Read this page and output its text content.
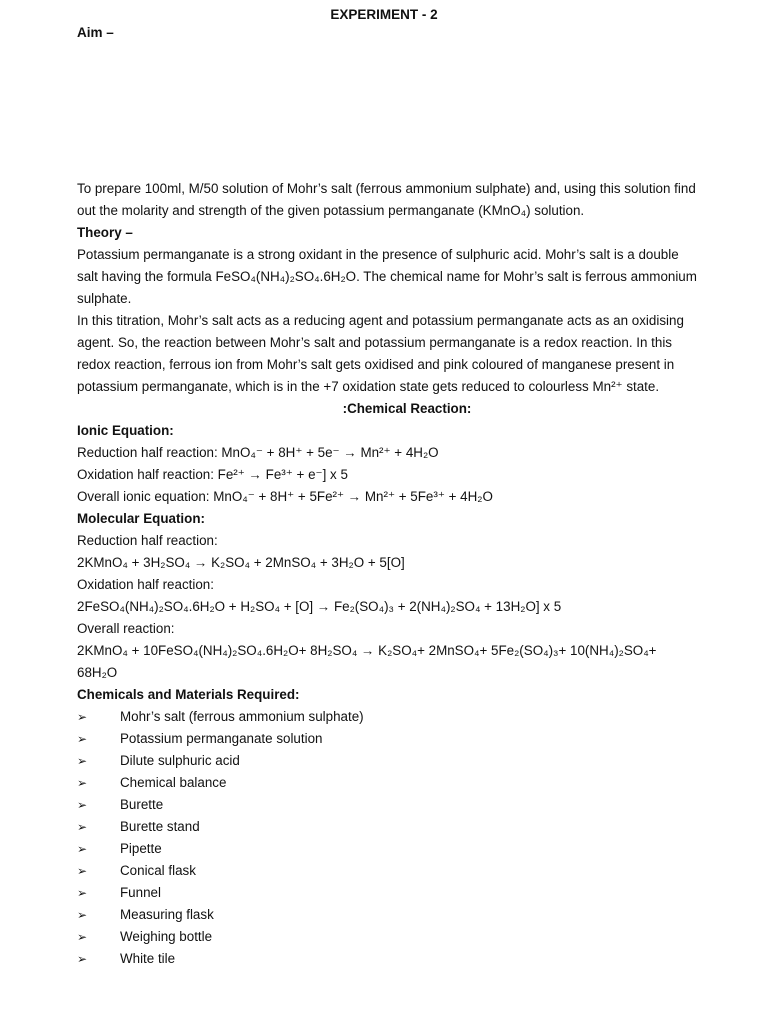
EXPERIMENT - 2
Aim –

To prepare 100ml, M/50 solution of Mohr’s salt (ferrous ammonium sulphate) and, using this solution find out the molarity and strength of the given potassium permanganate (KMnO₄) solution.

Theory –

Potassium permanganate is a strong oxidant in the presence of sulphuric acid. Mohr’s salt is a double salt having the formula FeSO₄(NH₄)₂SO₄.6H₂O. The chemical name for Mohr’s salt is ferrous ammonium sulphate.

In this titration, Mohr’s salt acts as a reducing agent and potassium permanganate acts as an oxidising agent. So, the reaction between Mohr’s salt and potassium permanganate is a redox reaction. In this redox reaction, ferrous ion from Mohr’s salt gets oxidised and pink coloured of manganese present in potassium permanganate, which is in the +7 oxidation state gets reduced to colourless Mn²⁺ state.

:Chemical Reaction:

Ionic Equation:

Reduction half reaction: MnO₄⁻ + 8H⁺ + 5e⁻ → Mn²⁺ + 4H₂O

Oxidation half reaction: Fe²⁺ → Fe³⁺ + e⁻] x 5

Overall ionic equation: MnO₄⁻ + 8H⁺ + 5Fe²⁺ → Mn²⁺ + 5Fe³⁺ + 4H₂O

Molecular Equation:

Reduction half reaction:

2KMnO₄ + 3H₂SO₄ → K₂SO₄ + 2MnSO₄ + 3H₂O + 5[O]

Oxidation half reaction:

2FeSO₄(NH₄)₂SO₄.6H₂O + H₂SO₄ + [O] → Fe₂(SO₄)₃ + 2(NH₄)₂SO₄ + 13H₂O] x 5

Overall reaction:

2KMnO₄ + 10FeSO₄(NH₄)₂SO₄.6H₂O+ 8H₂SO₄ → K₂SO₄+ 2MnSO₄+ 5Fe₂(SO₄)₃+ 10(NH₄)₂SO₄+

68H₂O

Chemicals and Materials Required:

➢ Mohr’s salt (ferrous ammonium sulphate)
➢ Potassium permanganate solution
➢ Dilute sulphuric acid
➢ Chemical balance
➢ Burette
➢ Burette stand
➢ Pipette
➢ Conical flask
➢ Funnel
➢ Measuring flask
➢ Weighing bottle
➢ White tile
